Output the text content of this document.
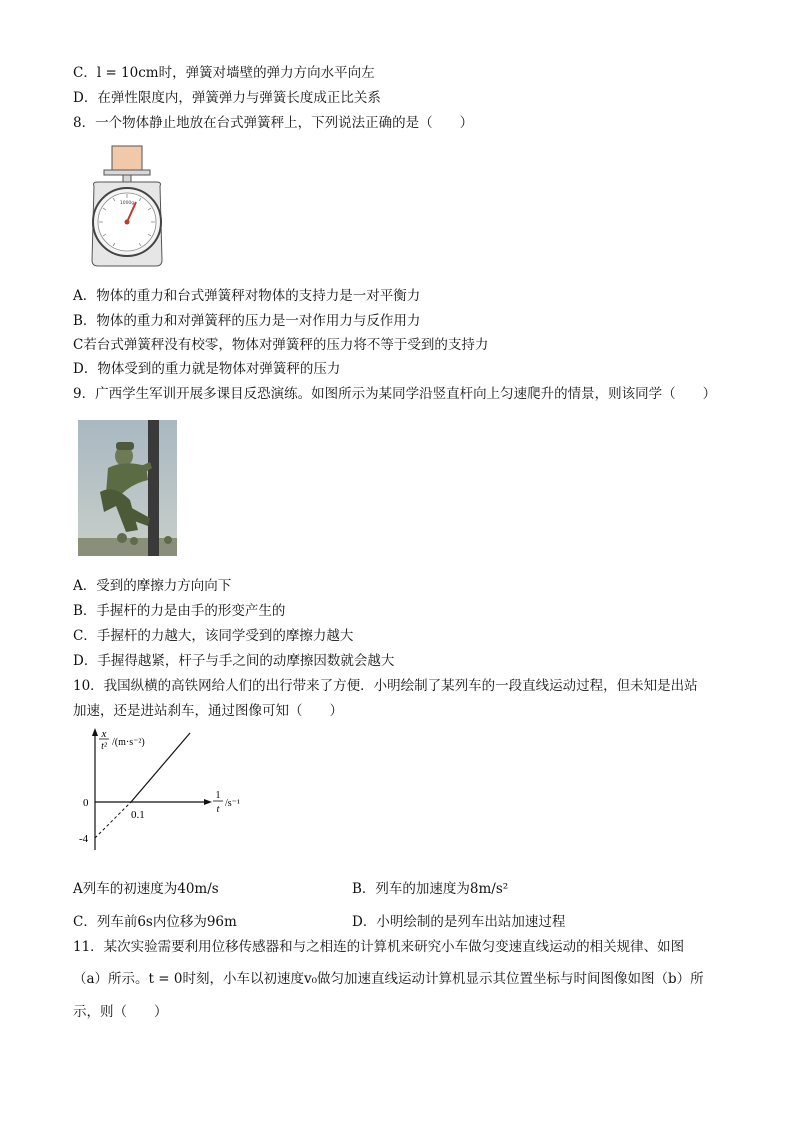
C．l = 10cm时，弹簧对墙壁的弹力方向水平向左
D．在弹性限度内，弹簧弹力与弹簧长度成正比关系
8．一个物体静止地放在台式弹簧秤上，下列说法正确的是（　　）
1000g
A．物体的重力和台式弹簧秤对物体的支持力是一对平衡力
B．物体的重力和对弹簧秤的压力是一对作用力与反作用力
C若台式弹簧秤没有校零，物体对弹簧秤的压力将不等于受到的支持力
D．物体受到的重力就是物体对弹簧秤的压力
9．广西学生军训开展多课目反恐演练。如图所示为某同学沿竖直杆向上匀速爬升的情景，则该同学（　　）
A．受到的摩擦力方向向下
B．手握杆的力是由手的形变产生的
C．手握杆的力越大，该同学受到的摩擦力越大
D．手握得越紧，杆子与手之间的动摩擦因数就会越大
10．我国纵横的高铁网给人们的出行带来了方便．小明绘制了某列车的一段直线运动过程，但未知是出站
加速，还是进站刹车，通过图像可知（　　）
x
t² /(m·s⁻²)
1
t
/s⁻¹
0
0.1
-4
A列车的初速度为40m/s	B．列车的加速度为8m/s²
C．列车前6s内位移为96m	D．小明绘制的是列车出站加速过程
11．某次实验需要利用位移传感器和与之相连的计算机来研究小车做匀变速直线运动的相关规律、如图
（a）所示。t = 0时刻，小车以初速度v₀做匀加速直线运动计算机显示其位置坐标与时间图像如图（b）所
示，则（　　）
